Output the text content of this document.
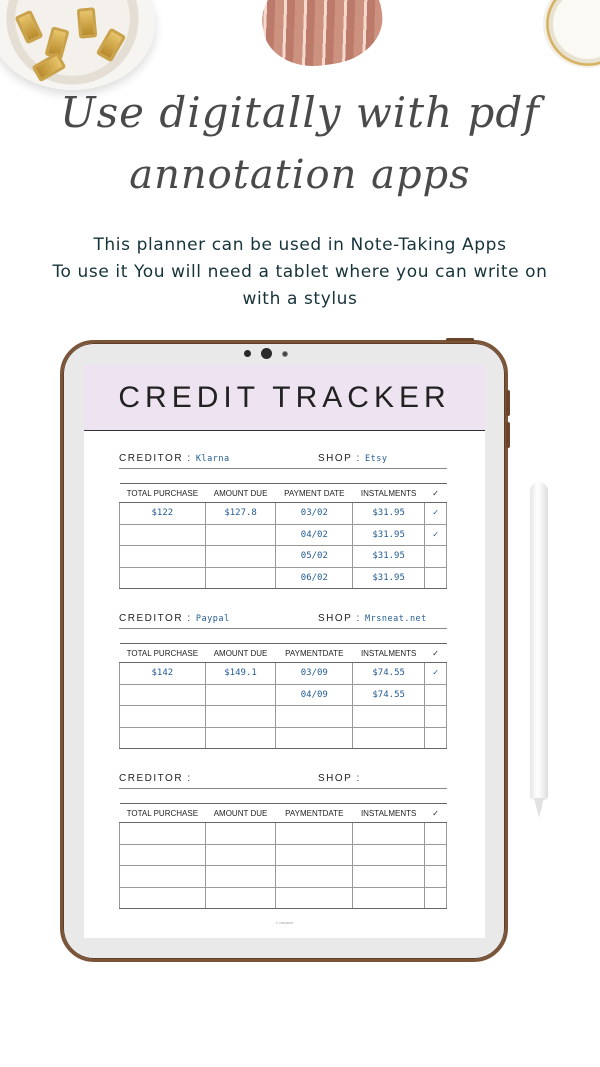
Use digitally with pdf
annotation apps
This planner can be used in Note-Taking Apps
To use it You will need a tablet where you can write on
with a stylus
CREDIT TRACKER
CREDITOR : Klarna	SHOP : Etsy
TOTAL PURCHASE	AMOUNT DUE	PAYMENT DATE	INSTALMENTS	✓
$122	$127.8	03/02	$31.95	✓
		04/02	$31.95	✓
		05/02	$31.95	
		06/02	$31.95	
CREDITOR : Paypal	SHOP : Mrsneat.net
TOTAL PURCHASE	AMOUNT DUE	PAYMENTDATE	INSTALMENTS	✓
$142	$149.1	03/09	$74.55	✓
		04/09	$74.55	

CREDITOR :	SHOP :
TOTAL PURCHASE	AMOUNT DUE	PAYMENTDATE	INSTALMENTS	✓

© MRSNEAT
